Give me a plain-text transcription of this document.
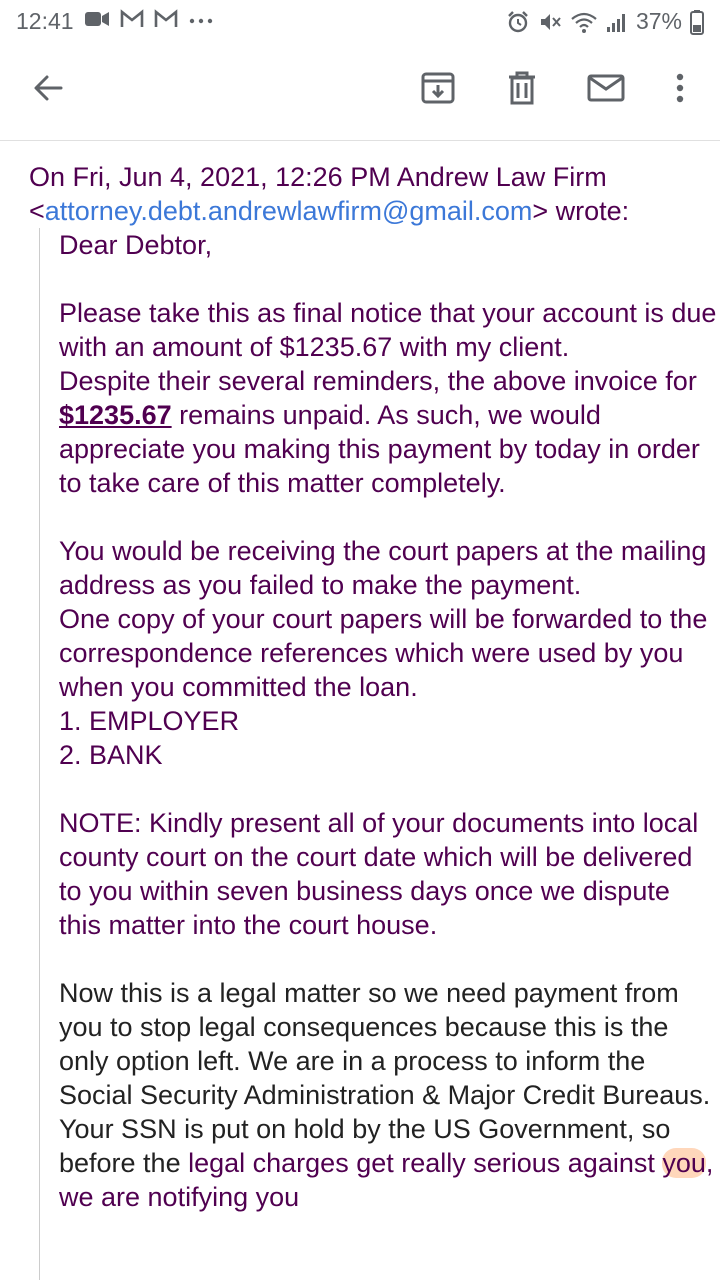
12:41	37%
On Fri, Jun 4, 2021, 12:26 PM Andrew Law Firm
<attorney.debt.andrewlawfirm@gmail.com> wrote:

Dear Debtor,

Please take this as final notice that your account is due with an amount of $1235.67 with my client.

Despite their several reminders, the above invoice for $1235.67 remains unpaid. As such, we would appreciate you making this payment by today in order to take care of this matter completely.

You would be receiving the court papers at the mailing address as you failed to make the payment.

One copy of your court papers will be forwarded to the correspondence references which were used by you when you committed the loan.

1. EMPLOYER

2. BANK

NOTE: Kindly present all of your documents into local county court on the court date which will be delivered to you within seven business days once we dispute this matter into the court house.

Now this is a legal matter so we need payment from you to stop legal consequences because this is the only option left. We are in a process to inform the Social Security Administration & Major Credit Bureaus. Your SSN is put on hold by the US Government, so before the legal charges get really serious against you, we are notifying you
